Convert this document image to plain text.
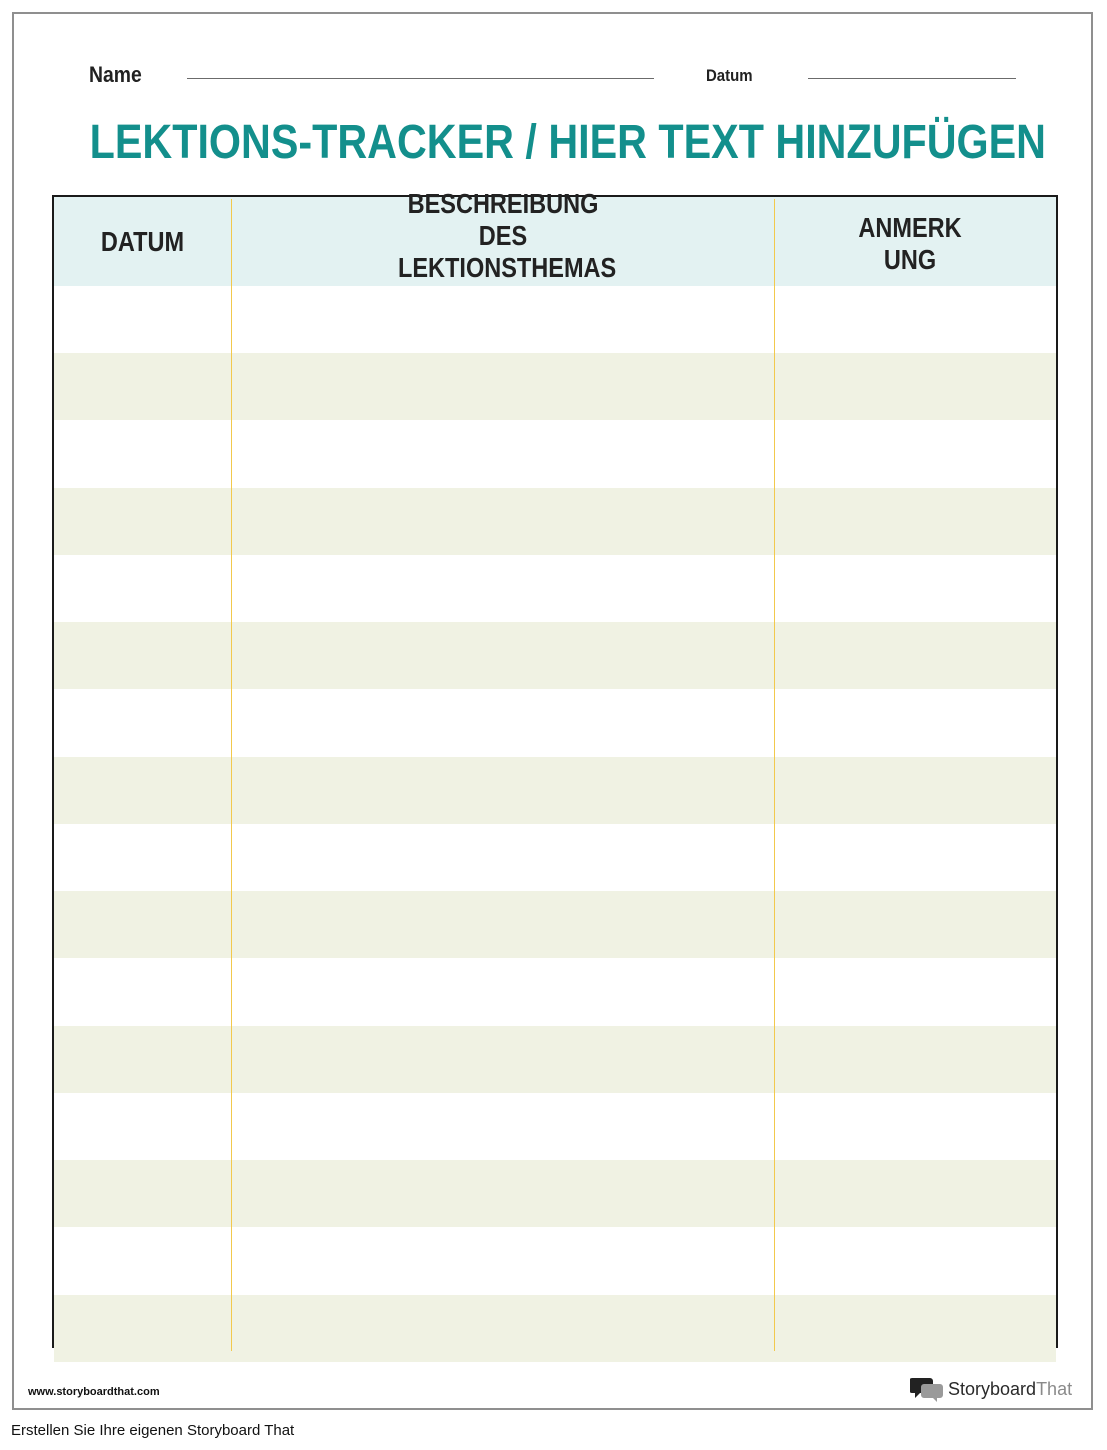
Name	Datum
LEKTIONS-TRACKER / HIER TEXT HINZUFÜGEN
DATUM
BESCHREIBUNG DES LEKTIONSTHEMAS
ANMERKUNG
www.storyboardthat.com	StoryboardThat
Erstellen Sie Ihre eigenen Storyboard That
